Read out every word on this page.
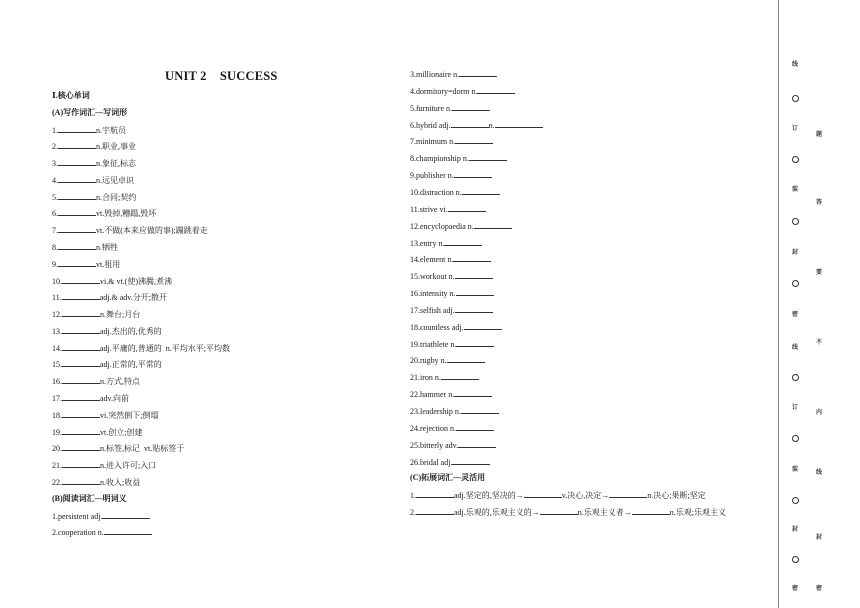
UNIT 2    SUCCESS
线
订
装
封
密
线
订
装
封
密
题
答
要
不
内
线
封
密
Ⅰ.核心单词
(A)写作词汇—写词形
1.	n.宇航员
2.	n.职业,事业
3.	n.象征,标志
4.	n.远见卓识
5.	n.合同;契约
6.	vt.毁掉,糟蹋,毁坏
7.	vt.不做(本来应做的事);蹦跳着走
8.	n.牺牲
9.	vt.租用
10.	vi.& vt.(使)沸腾,煮沸
11.	adj.& adv.分开;散开
12.	n.舞台;月台
13.	adj.杰出的,优秀的
14.	adj.平庸的,普通的  n.平均水平;平均数
15.	adj.正常的,平常的
16.	n.方式,特点
17.	adv.向前
18.	vi.突然倒下;倒塌
19.	vt.创立;创建
20.	n.标签,标记  vt.贴标签于
21.	n.进入许可;入口
22.	n.收入;收益
(B)阅读词汇—明词义
1.persistent adj.
2.cooperation n.
3.millionaire n.
4.dormitory=dorm n.
5.furniture n.
6.hybrid adj.	n.
7.minimum n.
8.championship n.
9.publisher n.
10.distraction n.
11.strive vi.
12.encyclopaedia n.
13.entry n.
14.element n.
15.workout n.
16.intensity n.
17.selfish adj.
18.countless adj.
19.triathlete n.
20.rugby n.
21.iron n.
22.hammer n.
23.leadership n.
24.rejection n.
25.bitterly adv.
26.bridal adj.
(C)拓展词汇—灵活用
1.	adj.坚定的,坚决的→	v.决心,决定→	n.决心;果断;坚定
2.	adj.乐观的,乐观主义的→	n.乐观主义者→	n.乐观;乐观主义
